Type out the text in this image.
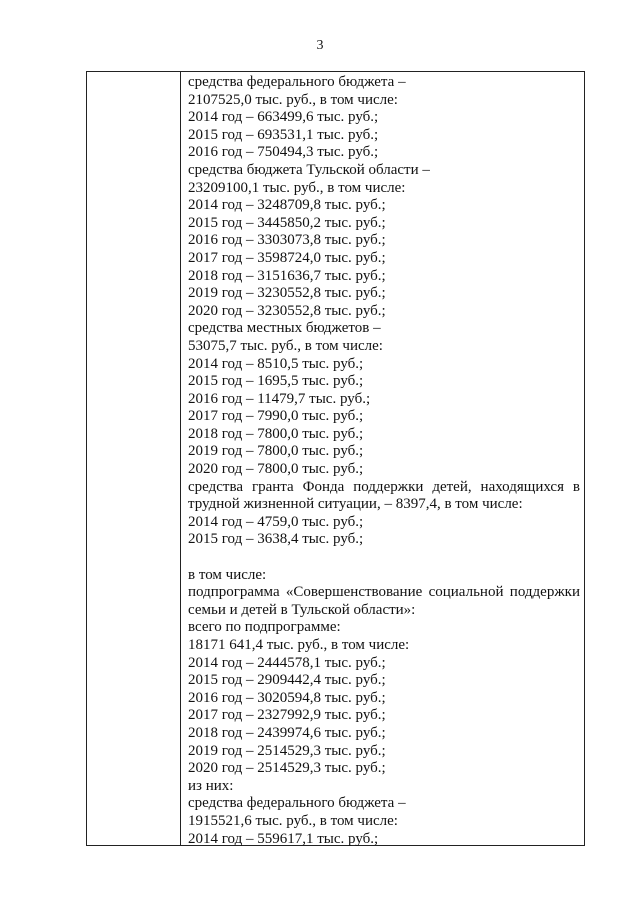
3
средства федерального бюджета –
2107525,0 тыс. руб., в том числе:
2014 год – 663499,6 тыс. руб.;
2015 год – 693531,1 тыс. руб.;
2016 год – 750494,3 тыс. руб.;
средства бюджета Тульской области –
23209100,1 тыс. руб., в том числе:
2014 год – 3248709,8 тыс. руб.;
2015 год – 3445850,2 тыс. руб.;
2016 год – 3303073,8 тыс. руб.;
2017 год – 3598724,0 тыс. руб.;
2018 год – 3151636,7 тыс. руб.;
2019 год – 3230552,8 тыс. руб.;
2020 год – 3230552,8 тыс. руб.;
средства местных бюджетов –
53075,7 тыс. руб., в том числе:
2014 год – 8510,5 тыс. руб.;
2015 год – 1695,5 тыс. руб.;
2016 год – 11479,7 тыс. руб.;
2017 год – 7990,0 тыс. руб.;
2018 год – 7800,0 тыс. руб.;
2019 год – 7800,0 тыс. руб.;
2020 год – 7800,0 тыс. руб.;
средства гранта Фонда поддержки детей, находящихся в
трудной жизненной ситуации, – 8397,4, в том числе:
2014 год – 4759,0 тыс. руб.;
2015 год – 3638,4 тыс. руб.;
в том числе:
подпрограмма «Совершенствование социальной поддержки
семьи и детей в Тульской области»:
всего по подпрограмме:
18171 641,4 тыс. руб., в том числе:
2014 год – 2444578,1 тыс. руб.;
2015 год – 2909442,4 тыс. руб.;
2016 год – 3020594,8 тыс. руб.;
2017 год – 2327992,9 тыс. руб.;
2018 год – 2439974,6 тыс. руб.;
2019 год – 2514529,3 тыс. руб.;
2020 год – 2514529,3 тыс. руб.;
из них:
средства федерального бюджета –
1915521,6 тыс. руб., в том числе:
2014 год – 559617,1 тыс. руб.;
